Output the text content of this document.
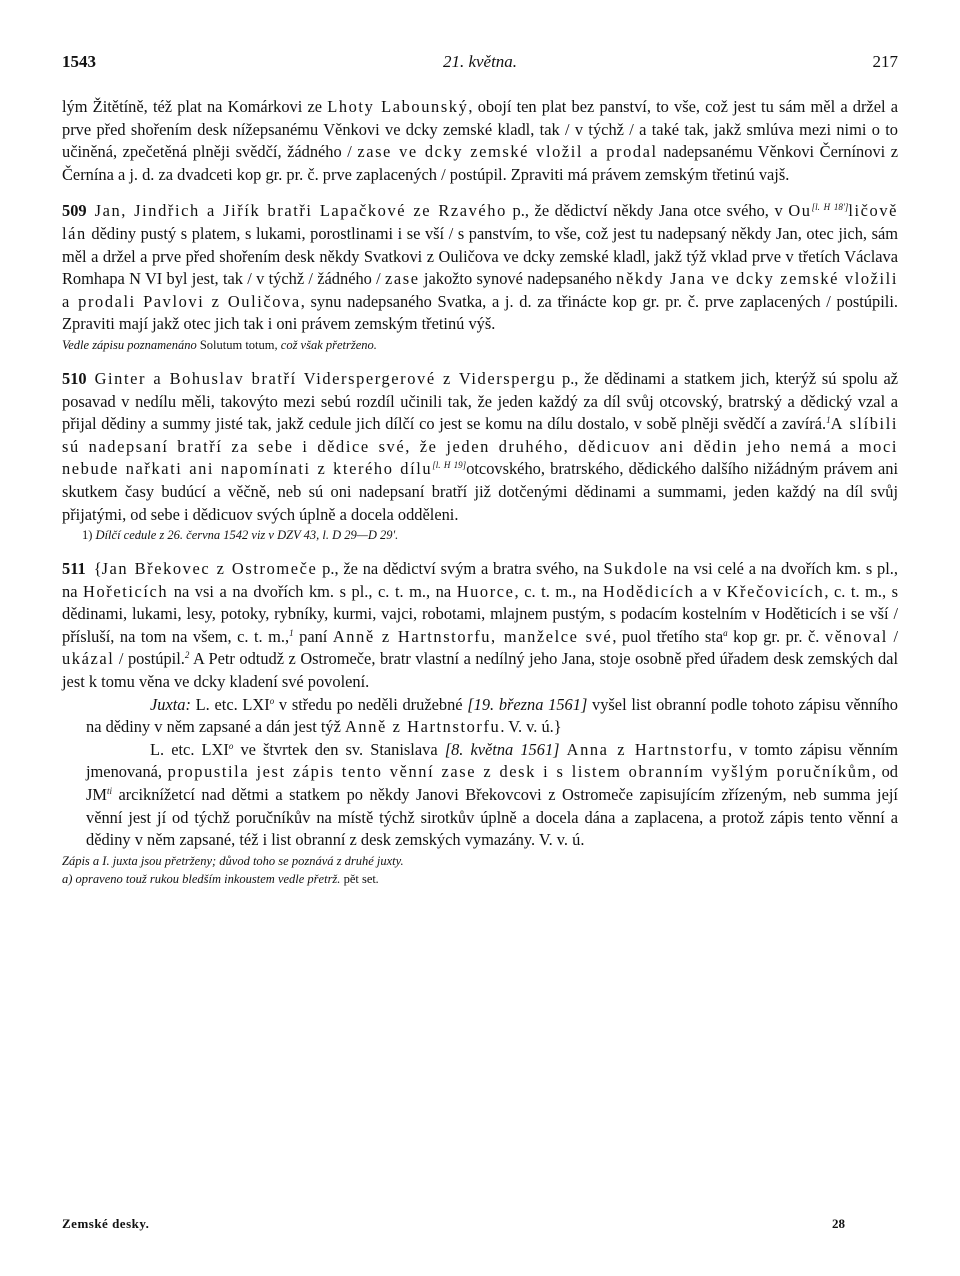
1543	21. května.	217

lým Žitětíně, též plat na Komárkovi ze Lhoty Labounský, obojí ten plat bez panství, to vše, což jest tu sám měl a držel a prve před shořením desk nížepsanému Věnkovi ve dcky zemské kladl, tak / v týchž / a také tak, jakž smlúva mezi nimi o to učiněná, zpečetěná plněji svědčí, žádného / zase ve dcky zemské vložil a prodal nadepsanému Věnkovi Černínovi z Černína a j. d. za dvadceti kop gr. pr. č. prve zaplacených / postúpil. Zpraviti má právem zemským třetinú vajš.

509 Jan, Jindřich a Jiřík bratři Lapačkové ze Rzavého p., že dědictví někdy Jana otce svého, v Ou[l. H 18']ličově lán dědiny pustý s platem, s lukami, porostlinami i se vší / s panstvím, to vše, což jest tu nadepsaný někdy Jan, otec jich, sám měl a držel a prve před shořením desk někdy Svatkovi z Ouličova ve dcky zemské kladl, jakž týž vklad prve v třetích Václava Romhapa N VI byl jest, tak / v týchž / žádného / zase jakožto synové nadepsaného někdy Jana ve dcky zemské vložili a prodali Pavlovi z Ouličova, synu nadepsaného Svatka, a j. d. za třinácte kop gr. pr. č. prve zaplacených / postúpili. Zpraviti mají jakž otec jich tak i oni právem zemským třetinú výš.

Vedle zápisu poznamenáno Solutum totum, což však přetrženo.

510 Ginter a Bohuslav bratří Viderspergerové z Viderspergu p., že dědinami a statkem jich, kterýž sú spolu až posavad v nedílu měli, takovýto mezi sebú rozdíl učinili tak, že jeden každý za díl svůj otcovský, bratrský a dědický vzal a přijal dědiny a summy jisté tak, jakž cedule jich dílčí co jest se komu na dílu dostalo, v sobě plněji svědčí a zavírá.$^1$A slíbili sú nadepsaní bratří za sebe i dědice své, že jeden druhého, dědicuov ani dědin jeho nemá a moci nebude nařkati ani napomínati z kterého dílu[l. H 19]otcovského, bratrského, dědického dalšího nižádným právem ani skutkem časy budúcí a věčně, neb sú oni nadepsaní bratří již dotčenými dědinami a summami, jeden každý na díl svůj přijatými, od sebe i dědicuov svých úplně a docela odděleni.

1) Dílčí cedule z 26. června 1542 viz v DZV 43, l. D 29—D 29'.

511 {Jan Břekovec z Ostromeče p., že na dědictví svým a bratra svého, na Sukdole na vsi celé a na dvořích km. s pl., na Hořeticích na vsi a na dvořích km. s pl., c. t. m., na Huorce, c. t. m., na Hodědicích a v Křečovicích, c. t. m., s dědinami, lukami, lesy, potoky, rybníky, kurmi, vajci, robotami, mlajnem pustým, s podacím kostelním v Hoděticích i se vší / přísluší, na tom na všem, c. t. m.,$^1$ paní Anně z Hartnstorfu, manželce své, puol třetího sta$^a$ kop gr. pr. č. věnoval / ukázal / postúpil.$^2$ A Petr odtudž z Ostromeče, bratr vlastní a nedílný jeho Jana, stoje osobně před úřadem desk zemských dal jest k tomu věna ve dcky kladení své povolení.

Juxta: L. etc. LXI$^o$ v středu po neděli družebné [19. března 1561] vyšel list obranní podle tohoto zápisu věnního na dědiny v něm zapsané a dán jest týž Anně z Hartnstorfu. V. v. ú.}

L. etc. LXI$^o$ ve štvrtek den sv. Stanislava [8. května 1561] Anna z Hartnstorfu, v tomto zápisu věnním jmenovaná, propustila jest zápis tento věnní zase z desk i s listem obranním vyšlým poručníkům, od $JM^{ti}$ arciknížetcí nad dětmi a statkem po někdy Janovi Břekovcovi z Ostromeče zapisujícím zřízeným, neb summa její věnní jest jí od týchž poručníkův na místě týchž sirotkův úplně a docela dána a zaplacena, a protož zápis tento věnní a dědiny v něm zapsané, též i list obranní z desk zemských vymazány. V. v. ú.

Zápis a I. juxta jsou přetrženy; důvod toho se poznává z druhé juxty.

a) opraveno touž rukou bledším inkoustem vedle přetrž. pět set.

Zemské desky.	28
